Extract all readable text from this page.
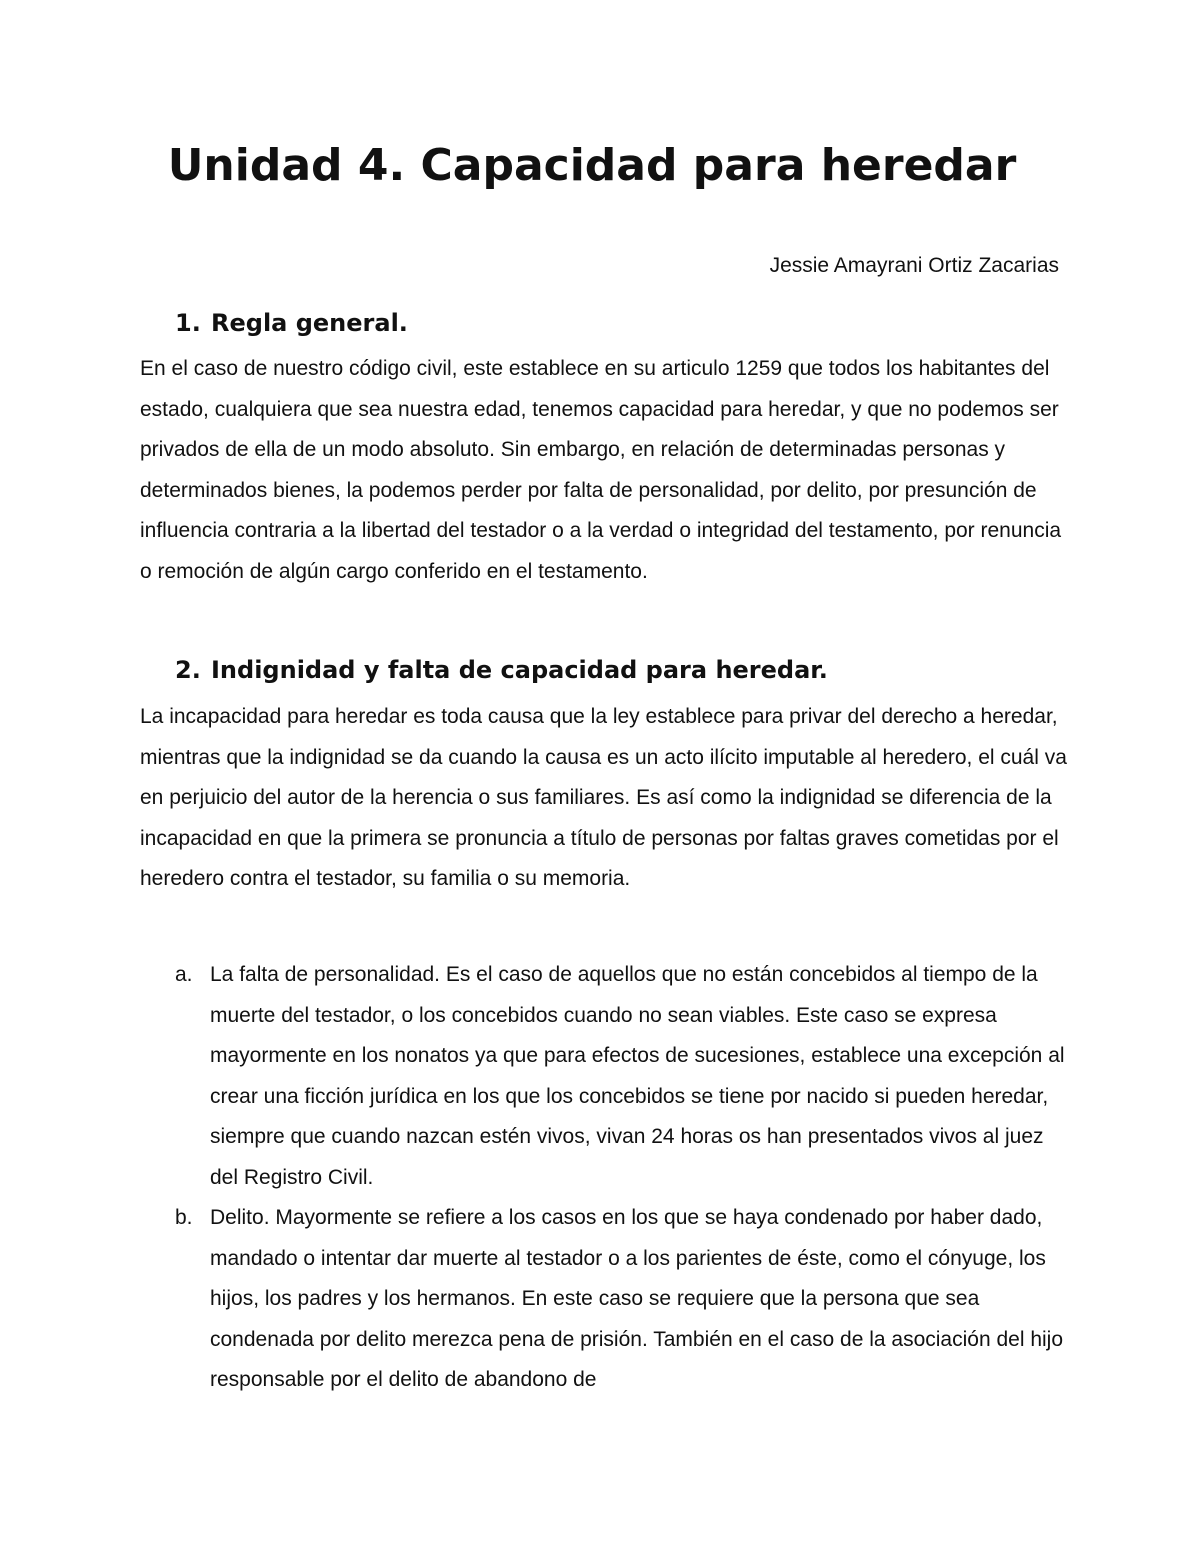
Unidad 4. Capacidad para heredar

Jessie Amayrani Ortiz Zacarias

1. Regla general.

En el caso de nuestro código civil, este establece en su articulo 1259 que todos los habitantes del estado, cualquiera que sea nuestra edad, tenemos capacidad para heredar, y que no podemos ser privados de ella de un modo absoluto. Sin embargo, en relación de determinadas personas y determinados bienes, la podemos perder por falta de personalidad, por delito, por presunción de influencia contraria a la libertad del testador o a la verdad o integridad del testamento, por renuncia o remoción de algún cargo conferido en el testamento.

2. Indignidad y falta de capacidad para heredar.

La incapacidad para heredar es toda causa que la ley establece para privar del derecho a heredar, mientras que la indignidad se da cuando la causa es un acto ilícito imputable al heredero, el cuál va en perjuicio del autor de la herencia o sus familiares. Es así como la indignidad se diferencia de la incapacidad en que la primera se pronuncia a título de personas por faltas graves cometidas por el heredero contra el testador, su familia o su memoria.

a. La falta de personalidad. Es el caso de aquellos que no están concebidos al tiempo de la muerte del testador, o los concebidos cuando no sean viables. Este caso se expresa mayormente en los nonatos ya que para efectos de sucesiones, establece una excepción al crear una ficción jurídica en los que los concebidos se tiene por nacido si pueden heredar, siempre que cuando nazcan estén vivos, vivan 24 horas os han presentados vivos al juez del Registro Civil.
b. Delito. Mayormente se refiere a los casos en los que se haya condenado por haber dado, mandado o intentar dar muerte al testador o a los parientes de éste, como el cónyuge, los hijos, los padres y los hermanos. En este caso se requiere que la persona que sea condenada por delito merezca pena de prisión. También en el caso de la asociación del hijo responsable por el delito de abandono de
